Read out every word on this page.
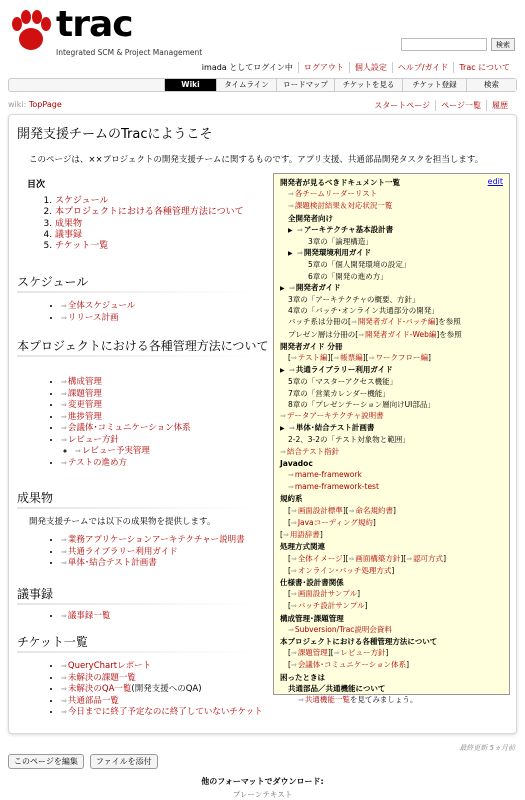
trac
Integrated SCM & Project Management
検索
imada としてログイン中	ログアウト	個人設定	ヘルプ/ガイド	Trac について
Wiki	タイムライン	ロードマップ	チケットを見る	チケット登録	検索
wiki: TopPage	スタートページ	ページ一覧	履歴
開発支援チームのTracにようこそ
このページは、××プロジェクトの開発支援チームに関するものです。アプリ支援、共通部品開発タスクを担当します。
目次
1. スケジュール
2. 本プロジェクトにおける各種管理方法について
3. 成果物
4. 議事録
5. チケット一覧
スケジュール
• ⇒全体スケジュール
• ⇒リリース計画
本プロジェクトにおける各種管理方法について
• ⇒構成管理
• ⇒課題管理
• ⇒変更管理
• ⇒進捗管理
• ⇒会議体･コミュニケーション体系
• ⇒レビュー方針
◦ ⇒レビュー予実管理
• ⇒テストの進め方
成果物
開発支援チームでは以下の成果物を提供します。
• ⇒業務アプリケーションアーキテクチャー説明書
• ⇒共通ライブラリー利用ガイド
• ⇒単体･結合テスト計画書
議事録
• ⇒議事録一覧
チケット一覧
• ⇒QueryChartレポート
• ⇒未解決の課題一覧
• ⇒未解決のQA一覧(開発支援へのQA)
• ⇒共通部品一覧
• ⇒今日までに終了予定なのに終了していないチケット
edit
開発者が見るべきドキュメント一覧
⇒各チームリーダーリスト
⇒課題検討結果＆対応状況一覧
全開発者向け
▶ ⇒アーキテクチャ基本設計書
3章の「論理構造」
▶ ⇒開発環境利用ガイド
5章の「個人開発環境の設定」
6章の「開発の進め方」
▶ ⇒開発者ガイド
3章の「アーキテクチャの概要、方針」
4章の「バッチ･オンライン共通部分の開発」
バッチ系は分冊の[⇒開発者ガイド-バッチ編]を参照
プレゼン層は分冊の[⇒開発者ガイド-Web編]を参照
開発者ガイド 分冊
[⇒テスト編][⇒帳票編][⇒ワークフロー編]
▶ ⇒共通ライブラリー利用ガイド
5章の「マスターアクセス機能」
7章の「営業カレンダー機能」
8章の「プレゼンテーション層向けUI部品」
⇒データアーキテクチャ説明書
▶ ⇒単体･結合テスト計画書
2-2、3-2の「テスト対象物と範囲」
⇒結合テスト指針
Javadoc
⇒mame-framework
⇒mame-framework-test
規約系
[⇒画面設計標準][⇒命名規約書]
[⇒Javaコーディング規約]
[⇒用語辞書]
処理方式関連
[⇒全体イメージ][⇒画面構築方針][⇒認可方式]
[⇒オンライン･バッチ処理方式]
仕様書･設計書関係
[⇒画面設計サンプル]
[⇒バッチ設計サンプル]
構成管理･課題管理
⇒Subversion/Trac説明会資料
本プロジェクトにおける各種管理方法について
[⇒課題管理][⇒レビュー方針]
[⇒会議体･コミュニケーション体系]
困ったときは
共通部品／共通機能について
⇒共通機能一覧を見てみましょう。
最終更新 5ヵ月前
このページを編集	ファイルを添付
他のフォーマットでダウンロード:
プレーンテキスト
